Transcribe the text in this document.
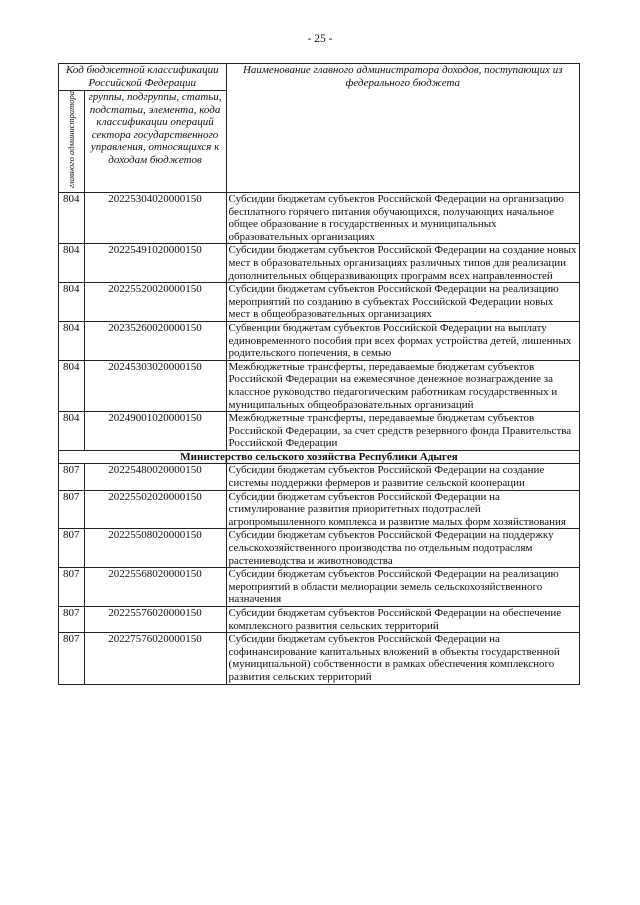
- 25 -
Код бюджетной классификации Российской Федерации		Наименование главного администратора доходов, поступающих из федерального бюджета

главного администратора	группы, подгруппы, статьи, подстатьи, элемента, кода классификации операций сектора государственного управления, относящихся к доходам бюджетов	
804	20225304020000150	Субсидии бюджетам субъектов Российской Федерации на организацию бесплатного горячего питания обучающихся, получающих начальное общее образование в государственных и муниципальных образовательных организациях
804	20225491020000150	Субсидии бюджетам субъектов Российской Федерации на создание новых мест в образовательных организациях различных типов для реализации дополнительных общеразвивающих программ всех направленностей
804	20225520020000150	Субсидии бюджетам субъектов Российской Федерации на реализацию мероприятий по созданию в субъектах Российской Федерации новых мест в общеобразовательных организациях
804	20235260020000150	Субвенции бюджетам субъектов Российской Федерации на выплату единовременного пособия при всех формах устройства детей, лишенных родительского попечения, в семью
804	20245303020000150	Межбюджетные трансферты, передаваемые бюджетам субъектов Российской Федерации на ежемесячное денежное вознаграждение за классное руководство педагогическим работникам государственных и муниципальных общеобразовательных организаций
804	20249001020000150	Межбюджетные трансферты, передаваемые бюджетам субъектов Российской Федерации, за счет средств резервного фонда Правительства Российской Федерации
Министерство сельского хозяйства Республики Адыгея		
807	20225480020000150	Субсидии бюджетам субъектов Российской Федерации на создание системы поддержки фермеров и развитие сельской кооперации
807	20225502020000150	Субсидии бюджетам субъектов Российской Федерации на стимулирование развития приоритетных подотраслей агропромышленного комплекса и развитие малых форм хозяйствования
807	20225508020000150	Субсидии бюджетам субъектов Российской Федерации на поддержку сельскохозяйственного производства по отдельным подотраслям растениеводства и животноводства
807	20225568020000150	Субсидии бюджетам субъектов Российской Федерации на реализацию мероприятий в области мелиорации земель сельскохозяйственного назначения
807	20225576020000150	Субсидии бюджетам субъектов Российской Федерации на обеспечение комплексного развития сельских территорий
807	20227576020000150	Субсидии бюджетам субъектов Российской Федерации на софинансирование капитальных вложений в объекты государственной (муниципальной) собственности в рамках обеспечения комплексного развития сельских территорий
